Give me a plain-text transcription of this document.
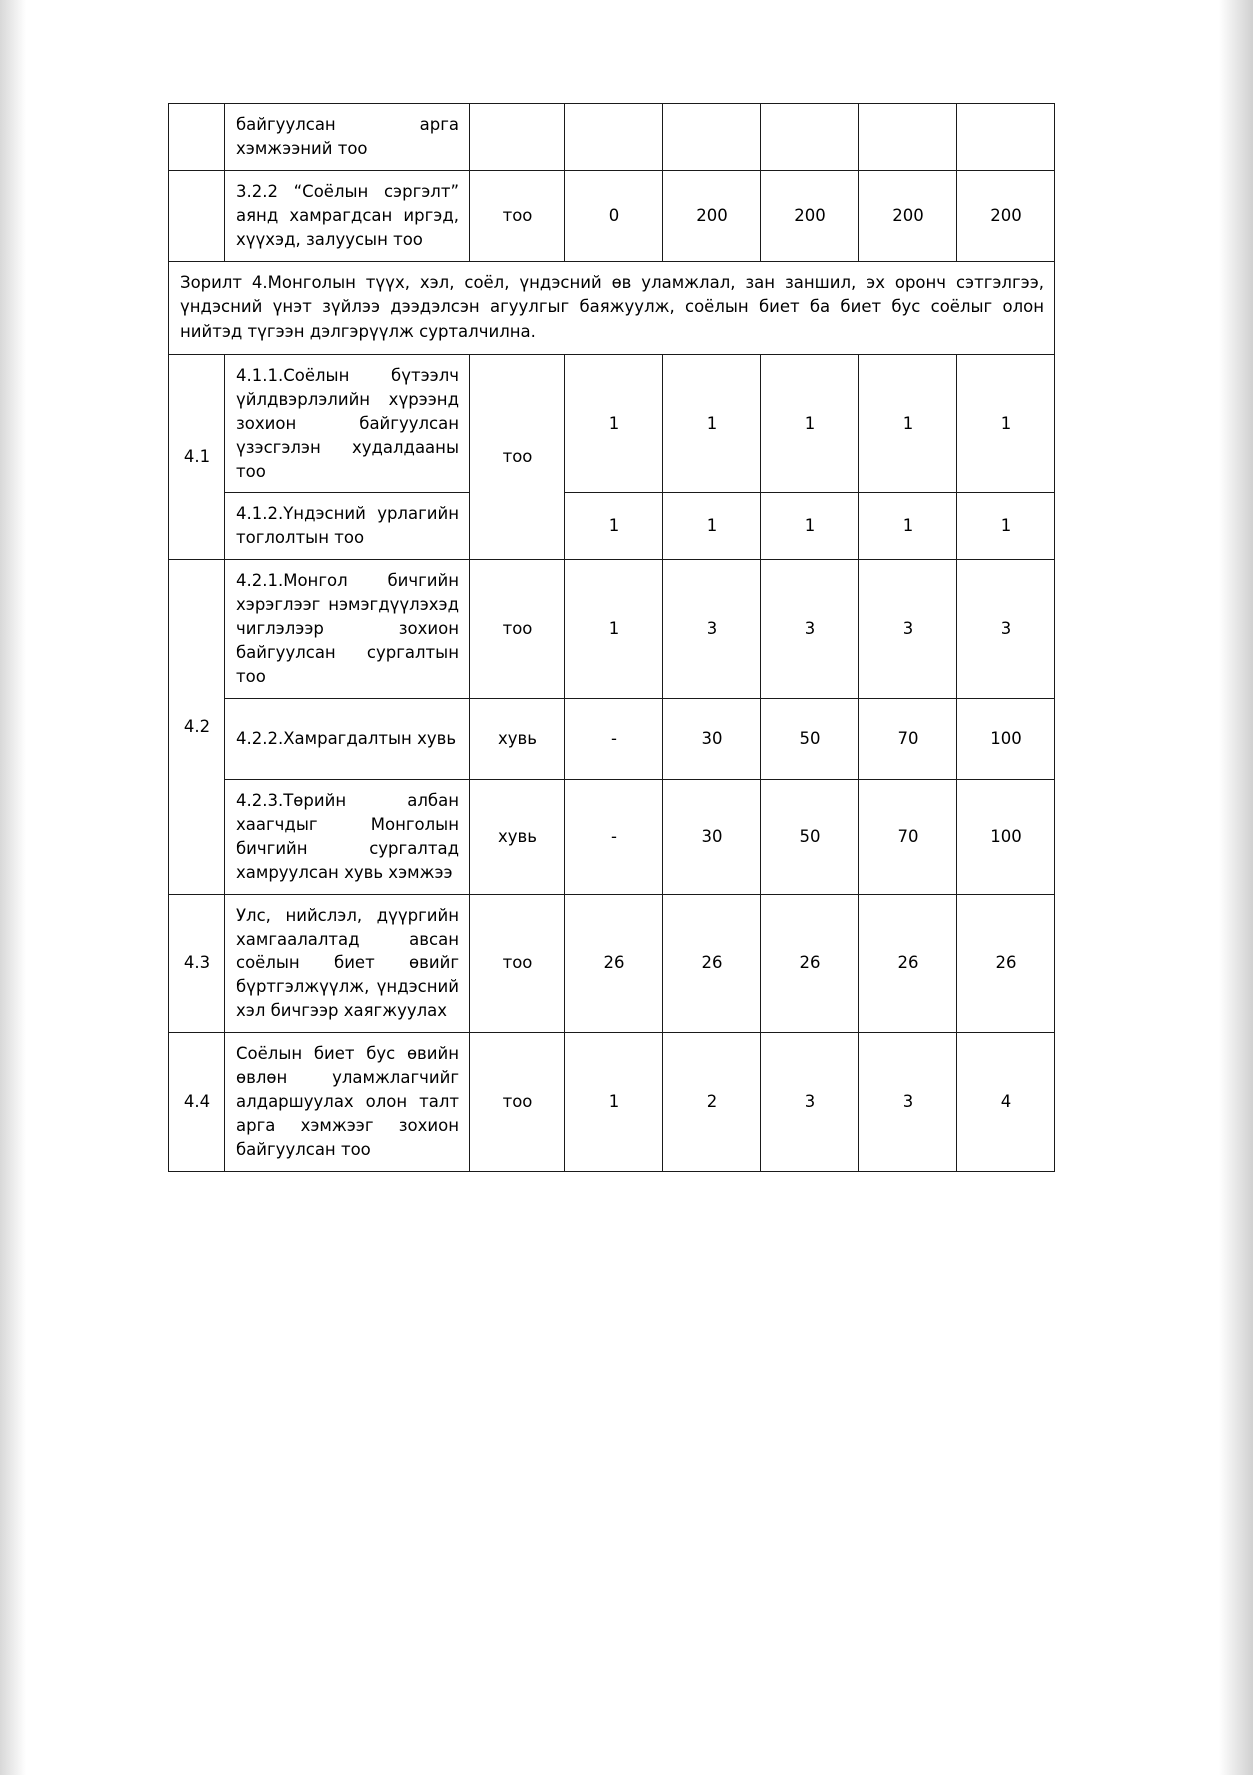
	байгуулсан арга хэмжээний тоо						
	3.2.2 “Соёлын сэргэлт” аянд хамрагдсан иргэд, хүүхэд, залуусын тоо	тоо	0	200	200	200	200
Зорилт 4.Монголын түүх, хэл, соёл, үндэсний өв уламжлал, зан заншил, эх оронч сэтгэлгээ, үндэсний үнэт зүйлээ дээдэлсэн агуулгыг баяжуулж, соёлын биет ба биет бус соёлыг олон нийтэд түгээн дэлгэрүүлж сурталчилна.							
4.1	4.1.1.Соёлын бүтээлч үйлдвэрлэлийн хүрээнд зохион байгуулсан үзэсгэлэн худалдааны тоо	тоо	1	1	1	1	1
	4.1.2.Үндэсний урлагийн тоглолтын тоо		1	1	1	1	1
4.2	4.2.1.Монгол бичгийн хэрэглээг нэмэгдүүлэхэд чиглэлээр зохион байгуулсан сургалтын тоо	тоо	1	3	3	3	3
	4.2.2.Хамрагдалтын хувь	хувь	-	30	50	70	100
	4.2.3.Төрийн албан хаагчдыг Монголын бичгийн сургалтад хамруулсан хувь хэмжээ	хувь	-	30	50	70	100
4.3	Улс, нийслэл, дүүргийн хамгаалалтад авсан соёлын биет өвийг бүртгэлжүүлж, үндэсний хэл бичгээр хаягжуулах	тоо	26	26	26	26	26
4.4	Соёлын биет бус өвийн өвлөн уламжлагчийг алдаршуулах олон талт арга хэмжээг зохион байгуулсан тоо	тоо	1	2	3	3	4
